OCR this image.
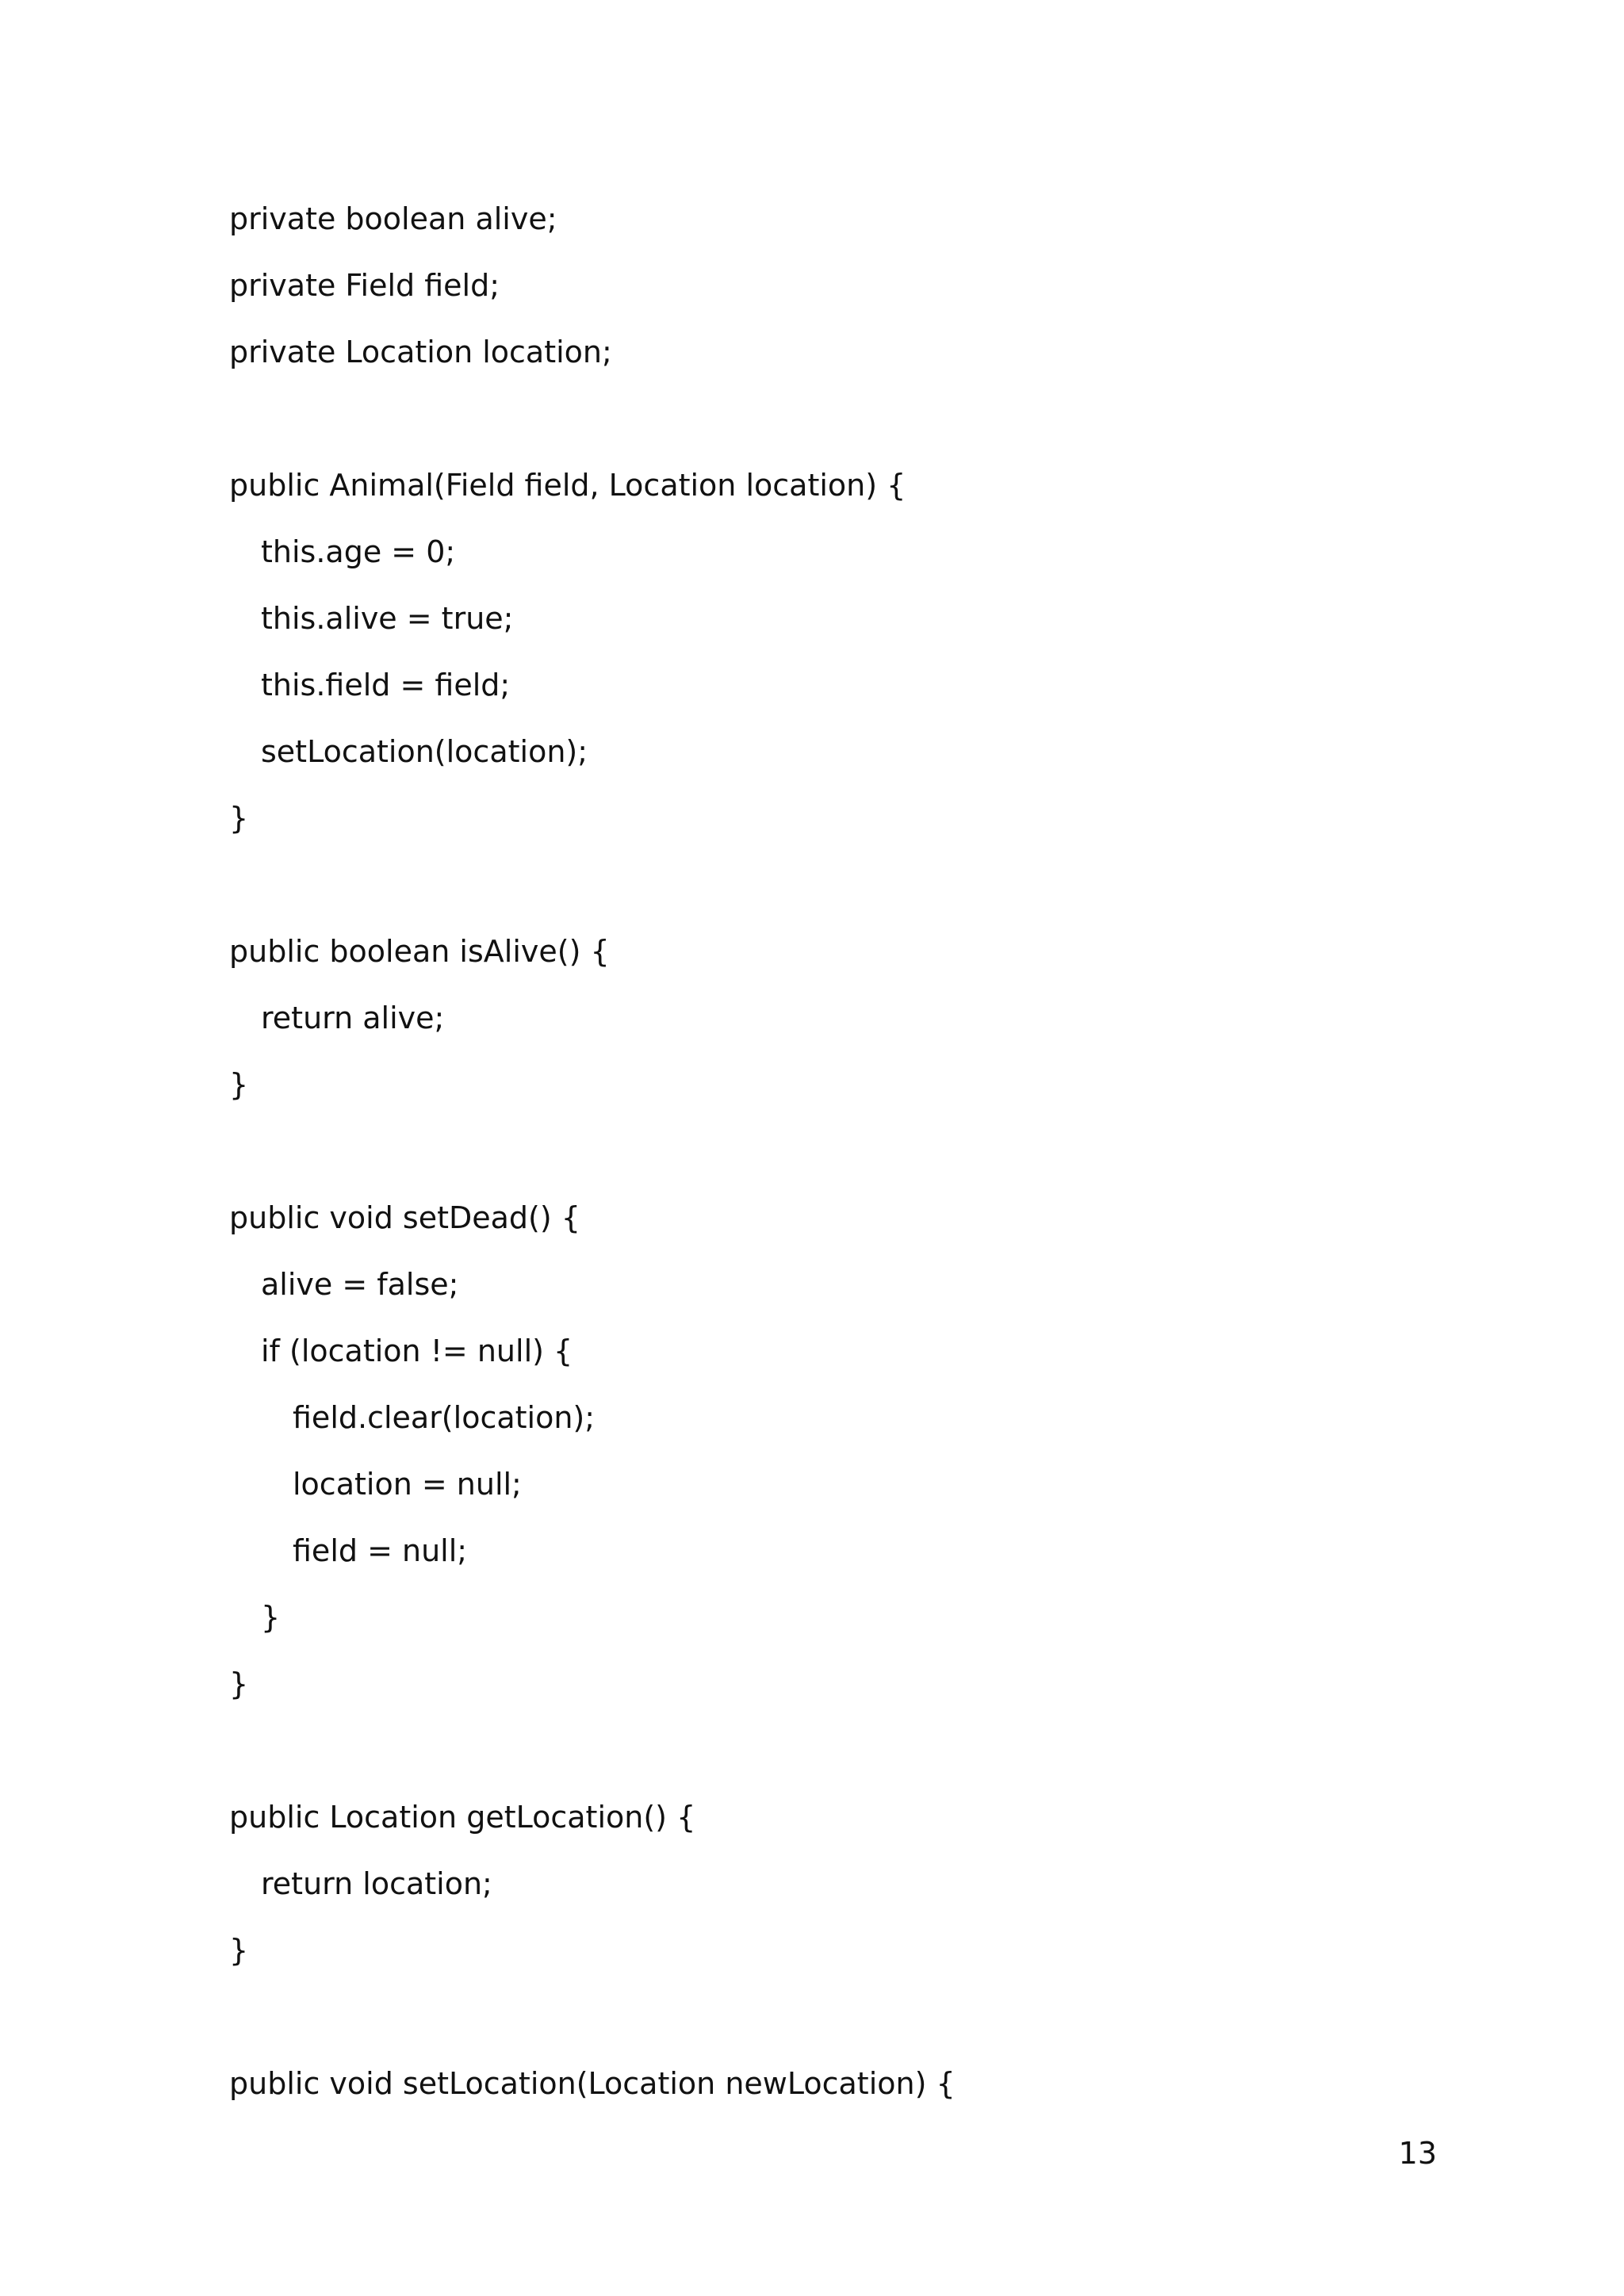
private boolean alive;
private Field field;
private Location location;
public Animal(Field field, Location location) {
this.age = 0;
this.alive = true;
this.field = field;
setLocation(location);
}
public boolean isAlive() {
return alive;
}
public void setDead() {
alive = false;
if (location != null) {
field.clear(location);
location = null;
field = null;
}
}
public Location getLocation() {
return location;
}
public void setLocation(Location newLocation) {
13
